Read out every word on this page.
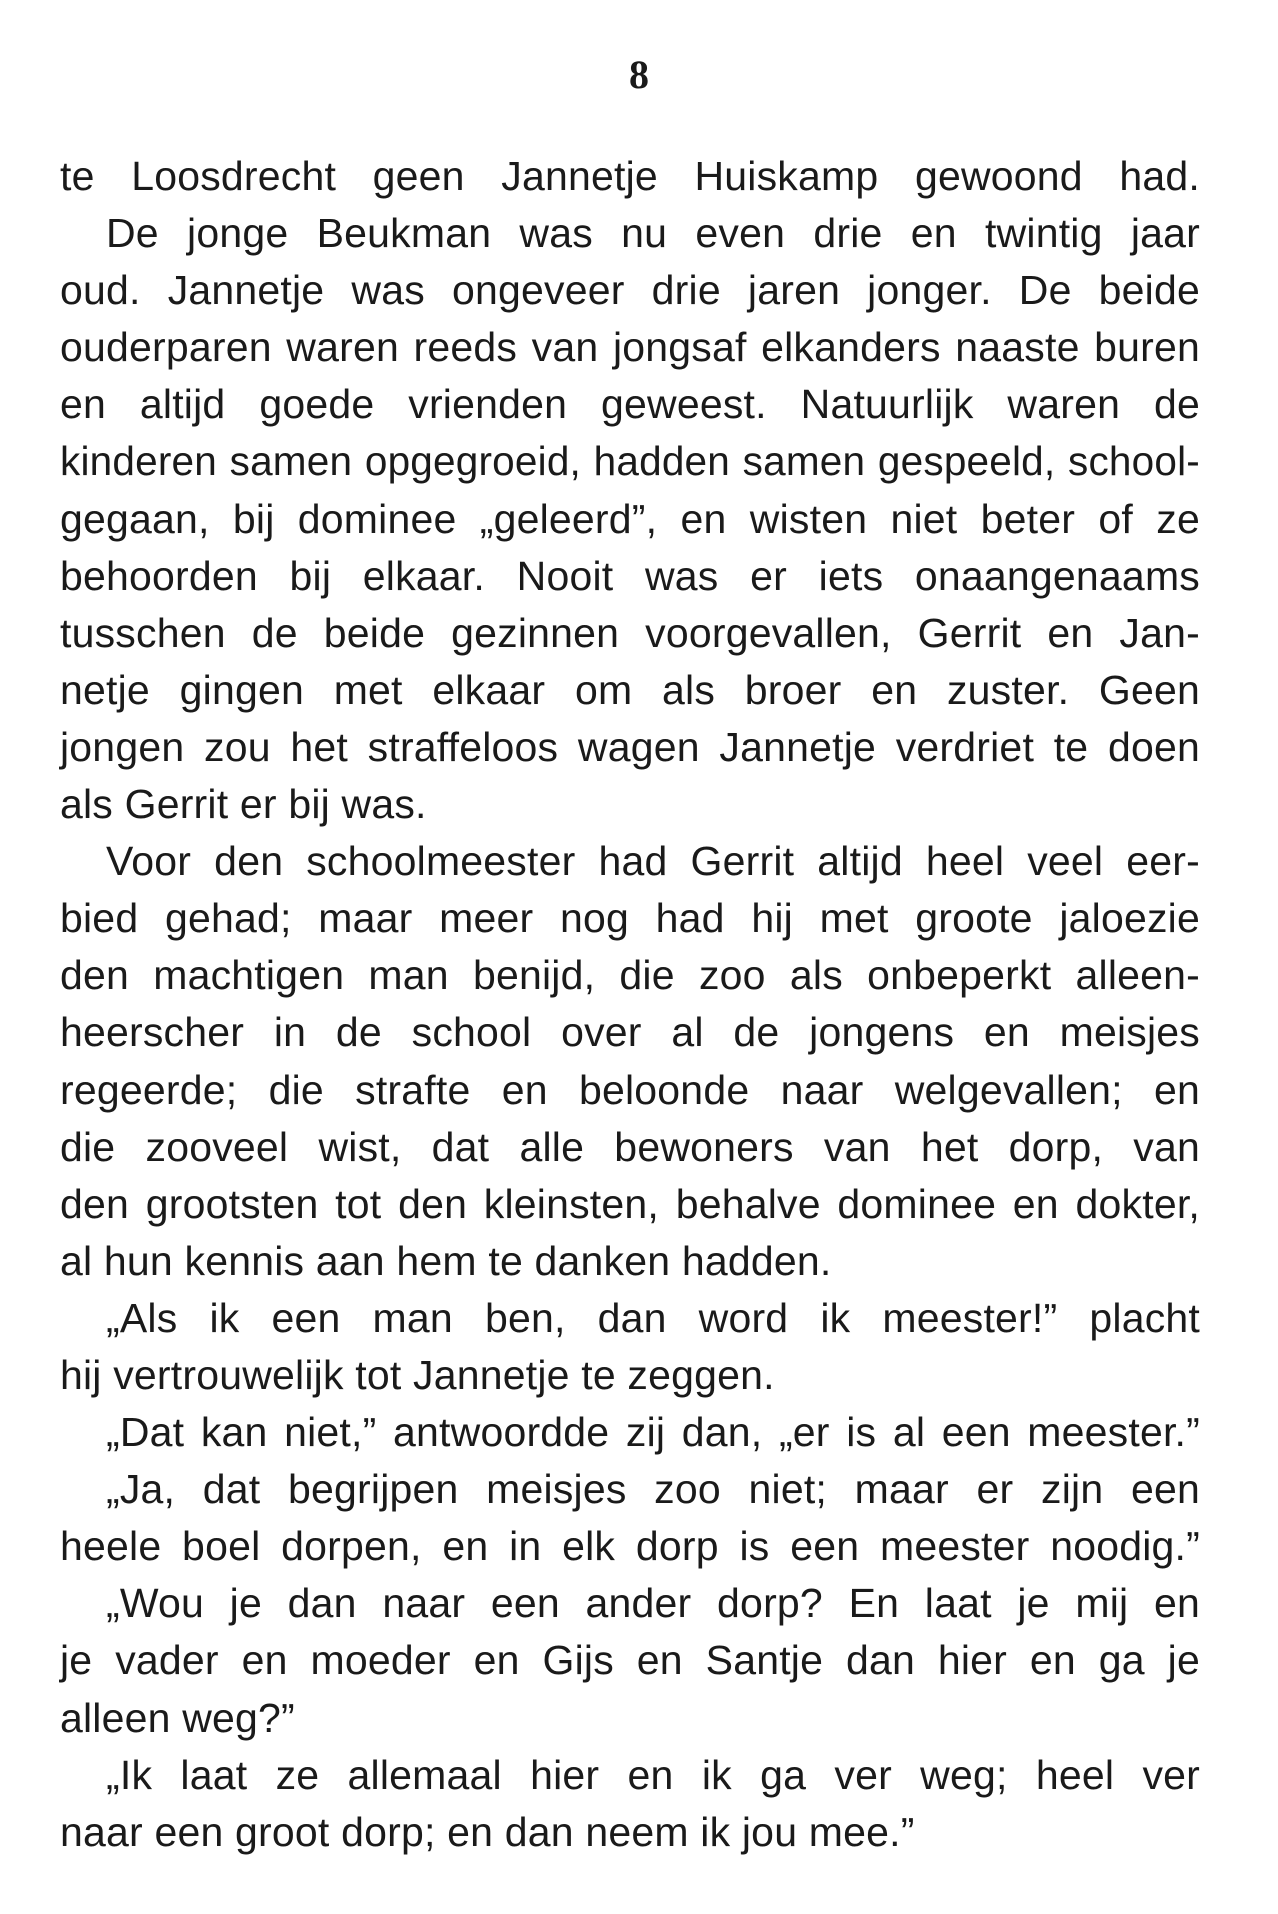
8
te Loosdrecht geen Jannetje Huiskamp gewoond had.
De jonge Beukman was nu even drie en twintig jaar
oud. Jannetje was ongeveer drie jaren jonger. De beide
ouderparen waren reeds van jongsaf elkanders naaste buren
en altijd goede vrienden geweest. Natuurlijk waren de
kinderen samen opgegroeid, hadden samen gespeeld, school-
gegaan, bij dominee „geleerd”, en wisten niet beter of ze
behoorden bij elkaar. Nooit was er iets onaangenaams
tusschen de beide gezinnen voorgevallen, Gerrit en Jan-
netje gingen met elkaar om als broer en zuster. Geen
jongen zou het straffeloos wagen Jannetje verdriet te doen
als Gerrit er bij was.
Voor den schoolmeester had Gerrit altijd heel veel eer-
bied gehad; maar meer nog had hij met groote jaloezie
den machtigen man benijd, die zoo als onbeperkt alleen-
heerscher in de school over al de jongens en meisjes
regeerde; die strafte en beloonde naar welgevallen; en
die zooveel wist, dat alle bewoners van het dorp, van
den grootsten tot den kleinsten, behalve dominee en dokter,
al hun kennis aan hem te danken hadden.
„Als ik een man ben, dan word ik meester!” placht
hij vertrouwelijk tot Jannetje te zeggen.
„Dat kan niet,” antwoordde zij dan, „er is al een meester.”
„Ja, dat begrijpen meisjes zoo niet; maar er zijn een
heele boel dorpen, en in elk dorp is een meester noodig.”
„Wou je dan naar een ander dorp? En laat je mij en
je vader en moeder en Gijs en Santje dan hier en ga je
alleen weg?”
„Ik laat ze allemaal hier en ik ga ver weg; heel ver
naar een groot dorp; en dan neem ik jou mee.”
